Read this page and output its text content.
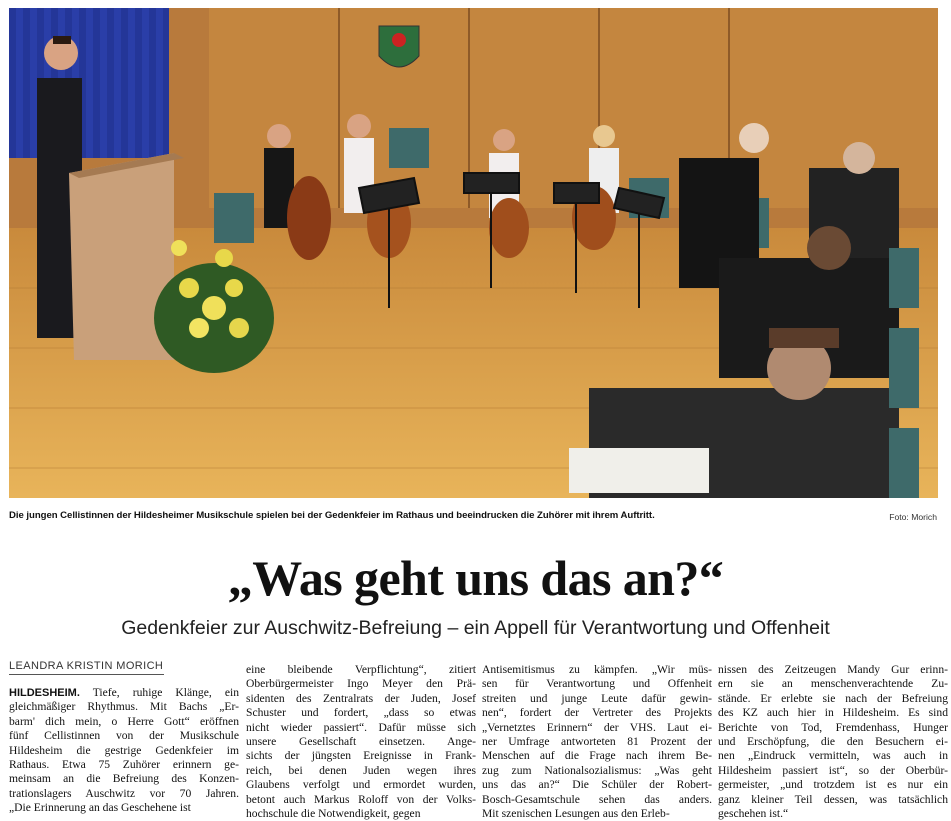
Die jungen Cellistinnen der Hildesheimer Musikschule spielen bei der Gedenkfeier im Rathaus und beeindrucken die Zuhörer mit ihrem Auftritt.	Foto: Morich
„Was geht uns das an?“
Gedenkfeier zur Auschwitz-Befreiung – ein Appell für Verantwortung und Offenheit
LEANDRA KRISTIN MORICH
HILDESHEIM. Tiefe, ruhige Klänge, ein
gleichmäßiger Rhythmus. Mit Bachs „Er-
barm' dich mein, o Herre Gott“ eröffnen
fünf Cellistinnen von der Musikschule
Hildesheim die gestrige Gedenkfeier im
Rathaus. Etwa 75 Zuhörer erinnern ge-
meinsam an die Befreiung des Konzen-
trationslagers Auschwitz vor 70 Jahren.
„Die Erinnerung an das Geschehene ist
eine bleibende Verpflichtung“, zitiert
Oberbürgermeister Ingo Meyer den Prä-
sidenten des Zentralrats der Juden, Josef
Schuster und fordert, „dass so etwas
nicht wieder passiert“. Dafür müsse sich
unsere Gesellschaft einsetzen. Ange-
sichts der jüngsten Ereignisse in Frank-
reich, bei denen Juden wegen ihres
Glaubens verfolgt und ermordet wurden,
betont auch Markus Roloff von der Volks-
hochschule die Notwendigkeit, gegen
Antisemitismus zu kämpfen. „Wir müs-
sen für Verantwortung und Offenheit
streiten und junge Leute dafür gewin-
nen“, fordert der Vertreter des Projekts
„Vernetztes Erinnern“ der VHS. Laut ei-
ner Umfrage antworteten 81 Prozent der
Menschen auf die Frage nach ihrem Be-
zug zum Nationalsozialismus: „Was geht
uns das an?“ Die Schüler der Robert-
Bosch-Gesamtschule sehen das anders.
Mit szenischen Lesungen aus den Erleb-
nissen des Zeitzeugen Mandy Gur erinn-
ern sie an menschenverachtende Zu-
stände. Er erlebte sie nach der Befreiung
des KZ auch hier in Hildesheim. Es sind
Berichte von Tod, Fremdenhass, Hunger
und Erschöpfung, die den Besuchern ei-
nen „Eindruck vermitteln, was auch in
Hildesheim passiert ist“, so der Oberbür-
germeister, „und trotzdem ist es nur ein
ganz kleiner Teil dessen, was tatsächlich
geschehen ist.“
